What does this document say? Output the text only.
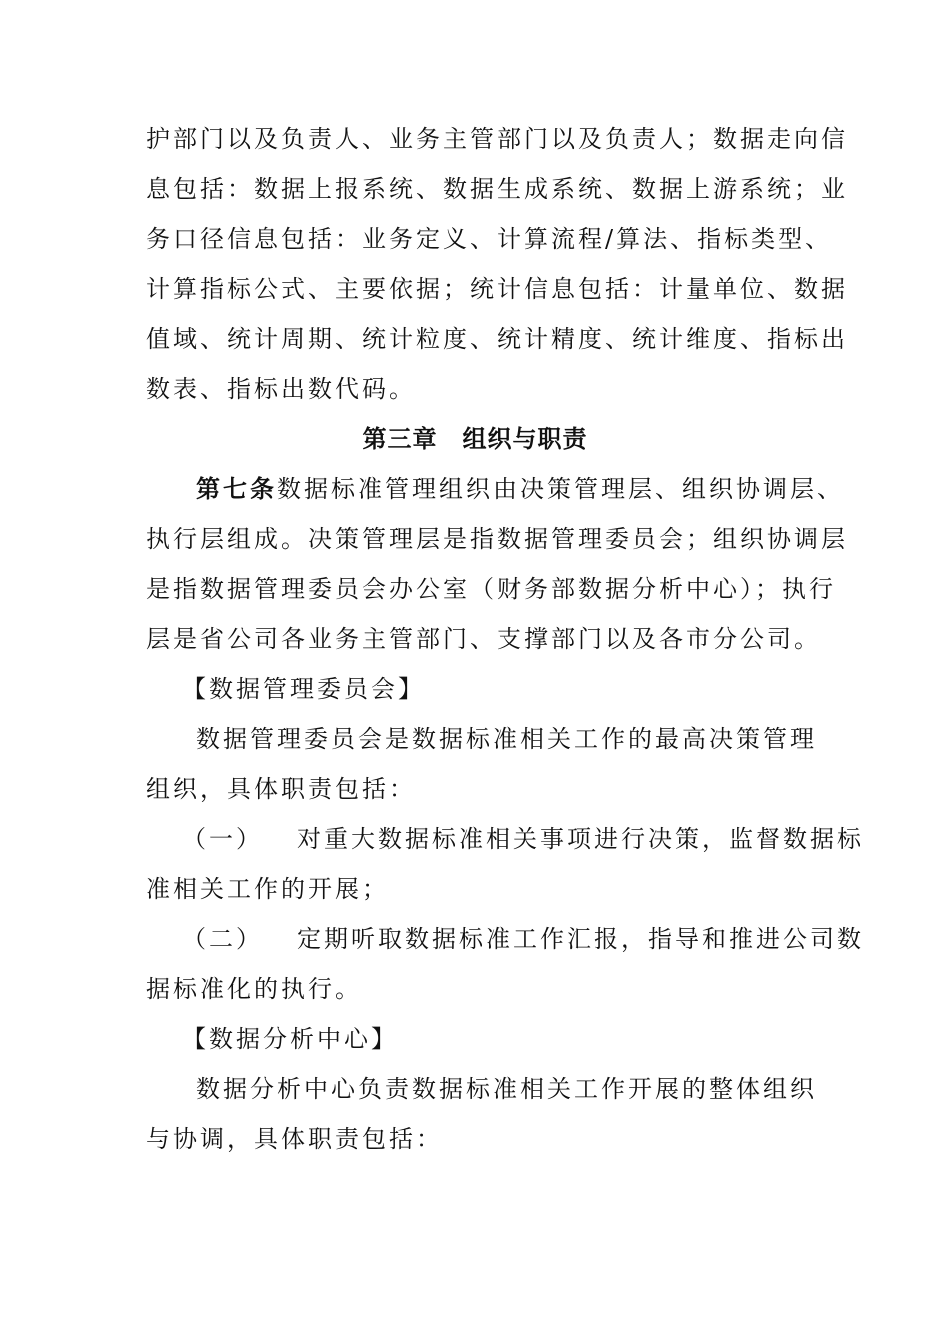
护部门以及负责人、业务主管部门以及负责人；数据走向信

息包括：数据上报系统、数据生成系统、数据上游系统；业

务口径信息包括：业务定义、计算流程/算法、指标类型、

计算指标公式、主要依据；统计信息包括：计量单位、数据

值域、统计周期、统计粒度、统计精度、统计维度、指标出

数表、指标出数代码。

第三章　组织与职责

第七条数据标准管理组织由决策管理层、组织协调层、

执行层组成。决策管理层是指数据管理委员会；组织协调层

是指数据管理委员会办公室（财务部数据分析中心）；执行

层是省公司各业务主管部门、支撑部门以及各市分公司。

【数据管理委员会】

数据管理委员会是数据标准相关工作的最高决策管理

组织，具体职责包括：

（一） 对重大数据标准相关事项进行决策，监督数据标

准相关工作的开展；

（二） 定期听取数据标准工作汇报，指导和推进公司数

据标准化的执行。

【数据分析中心】

数据分析中心负责数据标准相关工作开展的整体组织

与协调，具体职责包括：
